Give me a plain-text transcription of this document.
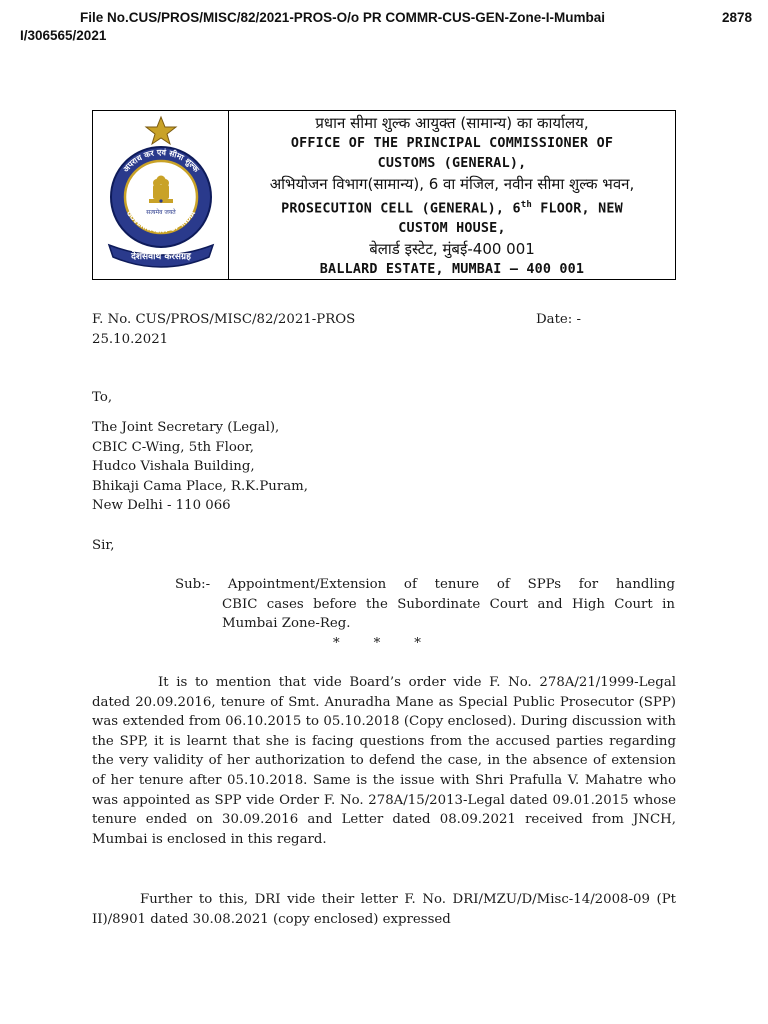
File No.CUS/PROS/MISC/82/2021-PROS-O/o PR COMMR-CUS-GEN-Zone-I-Mumbai
I/306565/2021
2878
अपराध कर एवं सीमा शुल्क
GOVERNMENT OF INDIA
सत्यमेव जयते
देशसेवार्थ करसंग्रह
प्रधान सीमा शुल्क आयुक्त (सामान्य) का कार्यालय,
OFFICE OF THE PRINCIPAL COMMISSIONER OF
CUSTOMS (GENERAL),
अभियोजन विभाग(सामान्य), 6 वा मंजिल, नवीन सीमा शुल्क भवन,
PROSECUTION CELL (GENERAL), 6th FLOOR, NEW
CUSTOM HOUSE,
बेलार्ड इस्टेट, मुंबई-400 001
BALLARD ESTATE, MUMBAI – 400 001
F. No. CUS/PROS/MISC/82/2021-PROS	Date: -
25.10.2021
To,
The Joint Secretary (Legal),
CBIC C-Wing, 5th Floor,
Hudco Vishala Building,
Bhikaji Cama Place, R.K.Puram,
New Delhi - 110 066
Sir,
Sub:- Appointment/Extension of tenure of SPPs for handling
CBIC cases before the Subordinate Court and High Court in Mumbai Zone-Reg.
***
It is to mention that vide Board’s order vide F. No. 278A/21/1999-Legal dated 20.09.2016, tenure of Smt. Anuradha Mane as Special Public Prosecutor (SPP) was extended from 06.10.2015 to 05.10.2018 (Copy enclosed). During discussion with the SPP, it is learnt that she is facing questions from the accused parties regarding the very validity of her authorization to defend the case, in the absence of extension of her tenure after 05.10.2018. Same is the issue with Shri Prafulla V. Mahatre who was appointed as SPP vide Order F. No. 278A/15/2013-Legal dated 09.01.2015 whose tenure ended on 30.09.2016 and Letter dated 08.09.2021 received from JNCH, Mumbai is enclosed in this regard.
Further to this, DRI vide their letter F. No. DRI/MZU/D/Misc-14/2008-09 (Pt II)/8901 dated 30.08.2021 (copy enclosed) expressed
